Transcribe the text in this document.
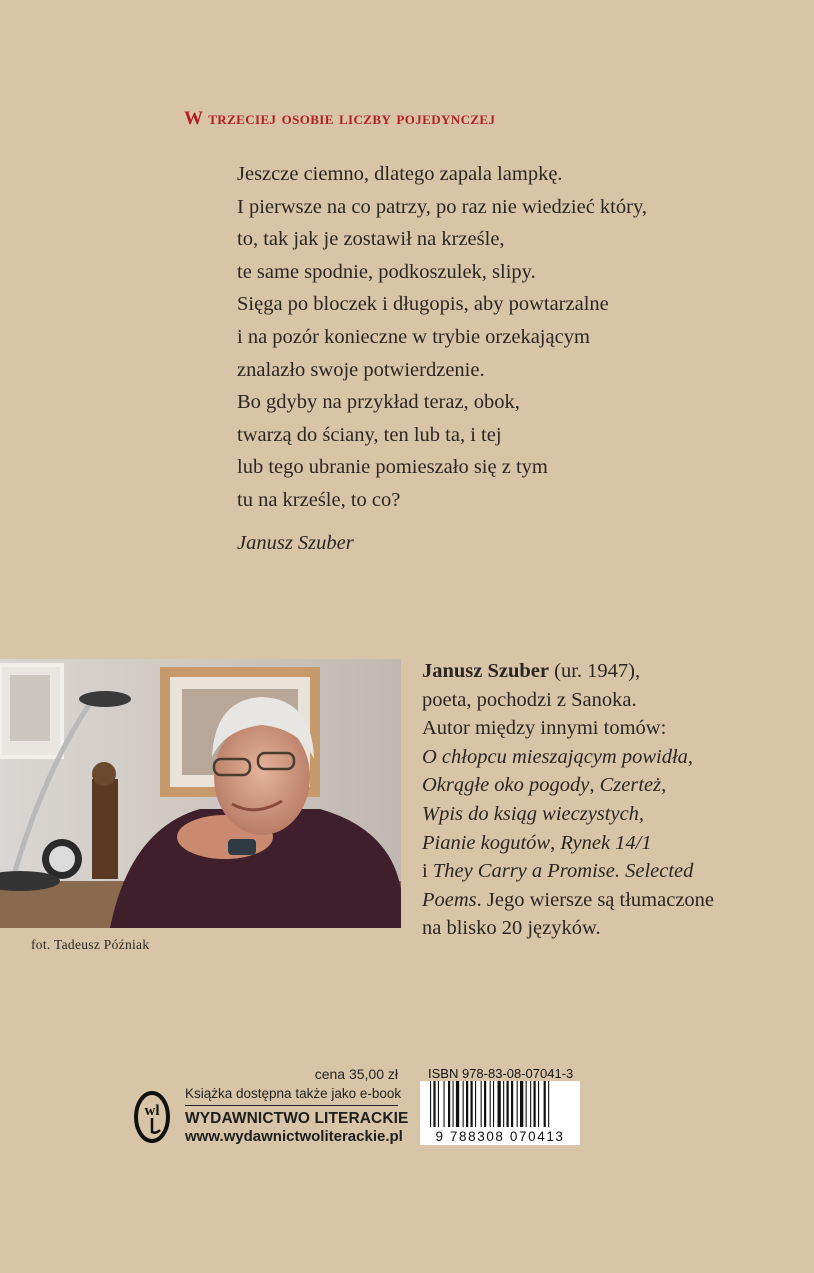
W trzeciej osobie liczby pojedynczej
Jeszcze ciemno, dlatego zapala lampkę.
I pierwsze na co patrzy, po raz nie wiedzieć który,
to, tak jak je zostawił na krześle,
te same spodnie, podkoszulek, slipy.
Sięga po bloczek i długopis, aby powtarzalne
i na pozór konieczne w trybie orzekającym
znalazło swoje potwierdzenie.
Bo gdyby na przykład teraz, obok,
twarzą do ściany, ten lub ta, i tej
lub tego ubranie pomieszało się z tym
tu na krześle, to co?
Janusz Szuber
fot. Tadeusz Późniak
Janusz Szuber (ur. 1947),
poeta, pochodzi z Sanoka.
Autor między innymi tomów:
O chłopcu mieszającym powidła,
Okrągłe oko pogody, Czerteż,
Wpis do ksiąg wieczystych,
Pianie kogutów, Rynek 14/1
i They Carry a Promise. Selected
Poems. Jego wiersze są tłumaczone
na blisko 20 języków.
cena 35,00 zł
wl
Książka dostępna także jako e-book
WYDAWNICTWO LITERACKIE
www.wydawnictwoliterackie.pl
ISBN 978-83-08-07041-3
9 788308 070413
